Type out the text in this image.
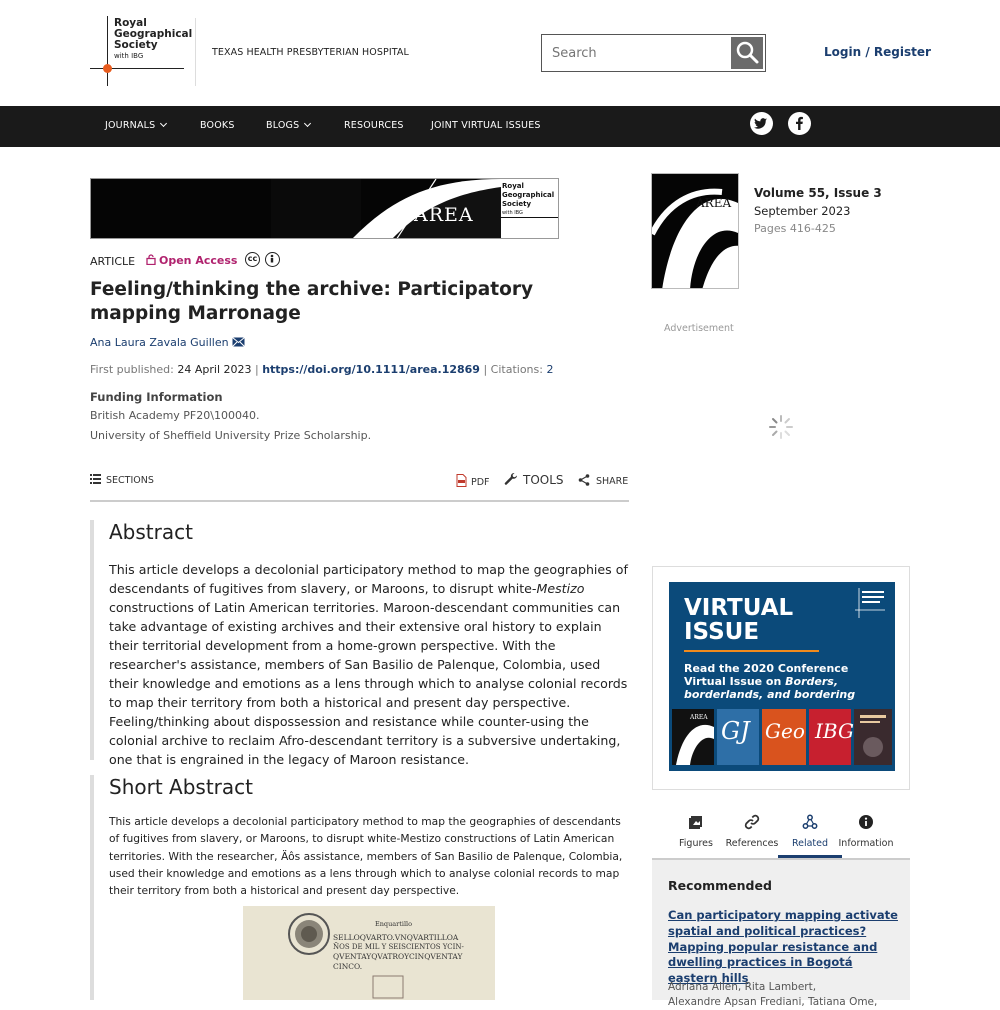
Royal
Geographical
Society
with IBG	TEXAS HEALTH PRESBYTERIAN HOSPITAL
Search	Login / Register
JOURNALS	BOOKS	BLOGS	RESOURCES	JOINT VIRTUAL ISSUES
rgs.org
AREA
Royal
Geographical
Society
with IBG
ARTICLE	Open Access	cc
Feeling/thinking the archive: Participatory mapping Marronage
Ana Laura Zavala Guillen
First published: 24 April 2023 | https://doi.org/10.1111/area.12869 | Citations: 2
Funding Information
British Academy PF20\100040.
University of Sheffield University Prize Scholarship.
SECTIONS	PDF	TOOLS	SHARE
Abstract

This article develops a decolonial participatory method to map the geographies of descendants of fugitives from slavery, or Maroons, to disrupt white-Mestizo constructions of Latin American territories. Maroon-descendant communities can take advantage of existing archives and their extensive oral history to explain their territorial development from a home-grown perspective. With the researcher's assistance, members of San Basilio de Palenque, Colombia, used their knowledge and emotions as a lens through which to analyse colonial records to map their territory from both a historical and present day perspective. Feeling/thinking about dispossession and resistance while counter-using the colonial archive to reclaim Afro-descendant territory is a subversive undertaking, one that is engrained in the legacy of Maroon resistance.

Short Abstract

This article develops a decolonial participatory method to map the geographies of descendants of fugitives from slavery, or Maroons, to disrupt white-Mestizo constructions of Latin American territories. With the researcher, Äôs assistance, members of San Basilio de Palenque, Colombia, used their knowledge and emotions as a lens through which to analyse colonial records to map their territory from both a historical and present day perspective.

Enquartillo
SELLOQVARTO.VNQVARTILLOA
ÑOS DE MIL Y SEISCIENTOS YCIN-
QVENTAYQVATROYCINQVENTAY
CINCO.
AREA
Volume 55, Issue 3
September 2023
Pages 416-425
Advertisement
VIRTUAL
ISSUE
Read the 2020 Conference Virtual Issue on Borders, borderlands, and bordering
AREA GJ Geo IBG
Figures	References	Related	Information
Recommended
Can participatory mapping activate spatial and political practices? Mapping popular resistance and dwelling practices in Bogotá eastern hills
Adriana Allen, Rita Lambert,
Alexandre Apsan Frediani, Tatiana Ome,
